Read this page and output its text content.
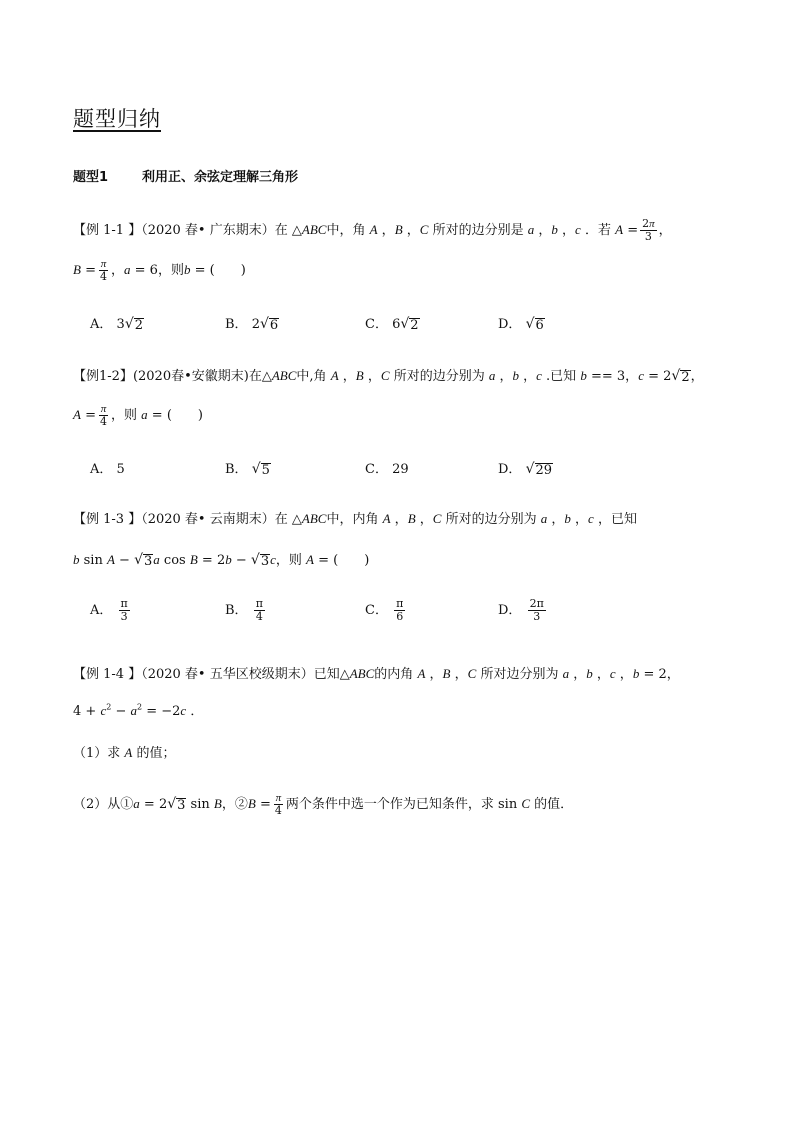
题型归纳
题型1	利用正、余弦定理解三角形
【例 1-1 】（2020 春• 广东期末）在 △ABC中，角 A ，B ，C 所对的边分别是 a ，b ，c ．若 $A = \frac{2\pi}{3}$ ，
$B = \frac{\pi}{4}$ ，a = 6，则b = (　　)
A． 3 √ 2	B． 2 √ 6	C． 6 √ 2	D． √ 6
【例1-2】(2020春•安徽期末)在△ABC中,角 A ，B ，C 所对的边分别为 a ，b ，c .已知 b == 3，c = 2 √ 2 ，
$A = \frac{\pi}{4}$ ，则 a = (　　)
A． 5	B． √ 5	C． 29	D． √ 29
【例 1-3 】（2020 春• 云南期末）在 △ABC中，内角 A ，B ，C 所对的边分别为 a ，b ，c ，已知
b sin A − √ 3 a cos B = 2b − √ 3 c，则 A = (　　)
A． $\frac{\pi}{3}$	B． $\frac{\pi}{4}$	C． $\frac{\pi}{6}$	D． $\frac{2\pi}{3}$
【例 1-4 】（2020 春• 五华区校级期末）已知△ABC的内角 A ，B ，C 所对边分别为 a ，b ，c ，b = 2，
$4 + c^2 - a^2 = -2c$ ．
（1）求 A 的值；
（2）从①a = 2 √ 3 sin B，②B = $\frac{\pi}{4}$ 两个条件中选一个作为已知条件，求 sin C 的值．
